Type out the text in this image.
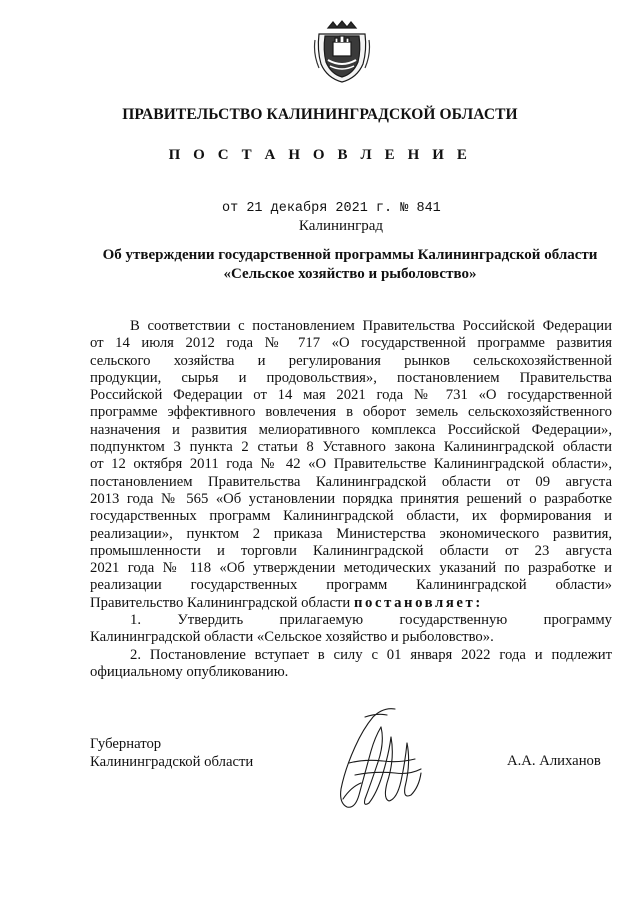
ПРАВИТЕЛЬСТВО КАЛИНИНГРАДСКОЙ ОБЛАСТИ
П О С Т А Н О В Л Е Н И Е
от 21 декабря 2021 г. № 841
Калининград
Об утверждении государственной программы Калининградской области
«Сельское хозяйство и рыболовство»
В соответствии с постановлением Правительства Российской Федерации
от 14 июля 2012 года № 717 «О государственной программе развития
сельского хозяйства и регулирования рынков сельскохозяйственной
продукции, сырья и продовольствия», постановлением Правительства
Российской Федерации от 14 мая 2021 года № 731 «О государственной
программе эффективного вовлечения в оборот земель сельскохозяйственного
назначения и развития мелиоративного комплекса Российской Федерации»,
подпунктом 3 пункта 2 статьи 8 Уставного закона Калининградской области
от 12 октября 2011 года № 42 «О Правительстве Калининградской области»,
постановлением Правительства Калининградской области от 09 августа
2013 года № 565 «Об установлении порядка принятия решений о разработке
государственных программ Калининградской области, их формирования и
реализации», пунктом 2 приказа Министерства экономического развития,
промышленности и торговли Калининградской области от 23 августа
2021 года № 118 «Об утверждении методических указаний по разработке и
реализации государственных программ Калининградской области»
Правительство Калининградской области постановляет:
1. Утвердить прилагаемую государственную программу
Калининградской области «Сельское хозяйство и рыболовство».
2. Постановление вступает в силу с 01 января 2022 года и подлежит
официальному опубликованию.
Губернатор
Калининградской области	А.А. Алиханов
